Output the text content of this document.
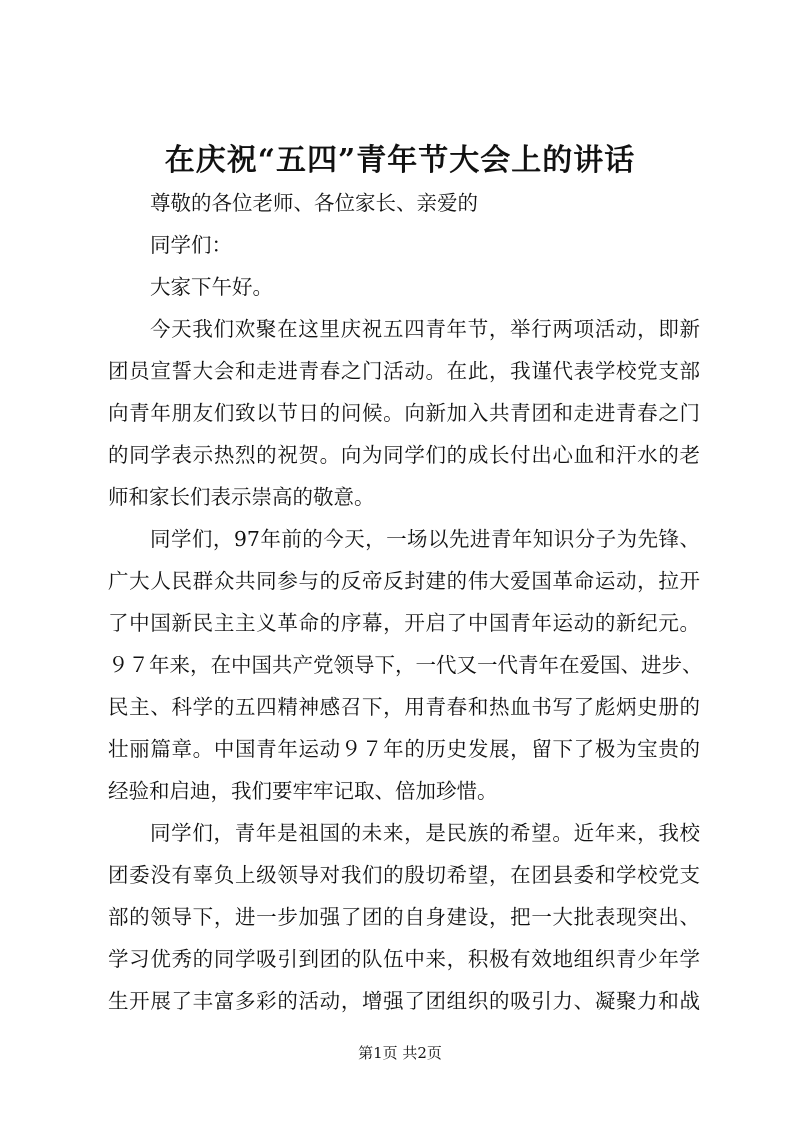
在庆祝“五四”青年节大会上的讲话
尊敬的各位老师、各位家长、亲爱的
同学们：
大家下午好。
今天我们欢聚在这里庆祝五四青年节，举行两项活动，即新
团员宣誓大会和走进青春之门活动。在此，我谨代表学校党支部
向青年朋友们致以节日的问候。向新加入共青团和走进青春之门
的同学表示热烈的祝贺。向为同学们的成长付出心血和汗水的老
师和家长们表示崇高的敬意。
同学们，97年前的今天，一场以先进青年知识分子为先锋、
广大人民群众共同参与的反帝反封建的伟大爱国革命运动，拉开
了中国新民主主义革命的序幕，开启了中国青年运动的新纪元。
９７年来，在中国共产党领导下，一代又一代青年在爱国、进步、
民主、科学的五四精神感召下，用青春和热血书写了彪炳史册的
壮丽篇章。中国青年运动９７年的历史发展，留下了极为宝贵的
经验和启迪，我们要牢牢记取、倍加珍惜。
同学们，青年是祖国的未来，是民族的希望。近年来，我校
团委没有辜负上级领导对我们的殷切希望，在团县委和学校党支
部的领导下，进一步加强了团的自身建设，把一大批表现突出、
学习优秀的同学吸引到团的队伍中来，积极有效地组织青少年学
生开展了丰富多彩的活动，增强了团组织的吸引力、凝聚力和战
第1页 共2页
